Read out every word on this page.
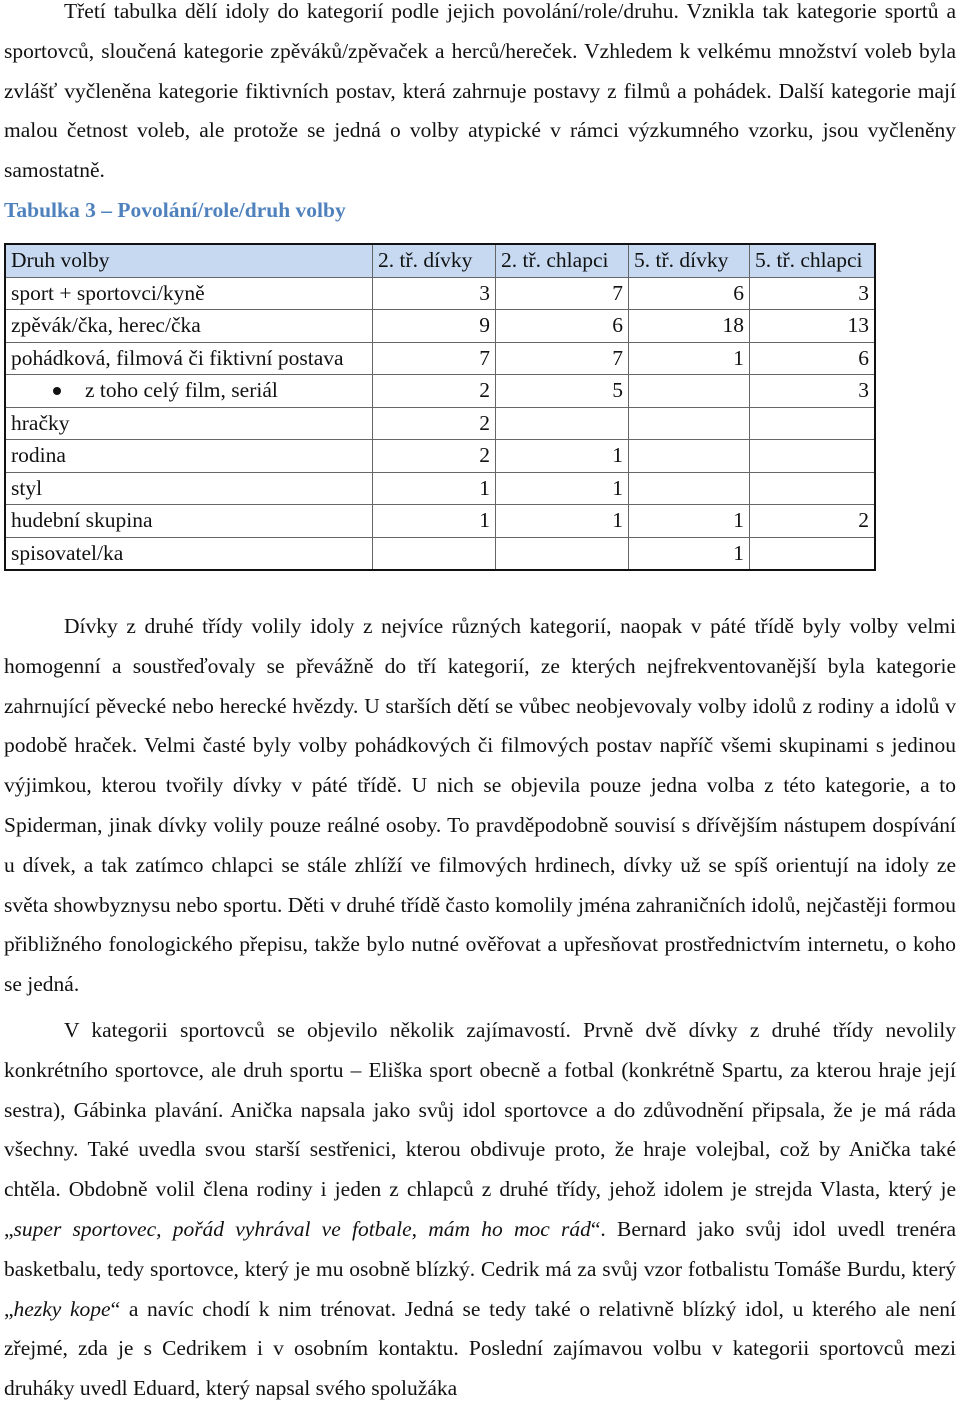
Třetí tabulka dělí idoly do kategorií podle jejich povolání/role/druhu. Vznikla tak kategorie sportů a sportovců, sloučená kategorie zpěváků/zpěvaček a herců/hereček. Vzhledem k velkému množství voleb byla zvlášť vyčleněna kategorie fiktivních postav, která zahrnuje postavy z filmů a pohádek. Další kategorie mají malou četnost voleb, ale protože se jedná o volby atypické v rámci výzkumného vzorku, jsou vyčleněny samostatně.

Tabulka 3 – Povolání/role/druh volby
Druh volby	2. tř. dívky	2. tř. chlapci	5. tř. dívky	5. tř. chlapci
sport + sportovci/kyně	3	7	6	3
zpěvák/čka, herec/čka	9	6	18	13
pohádková, filmová či fiktivní postava	7	7	1	6
z toho celý film, seriál	2	5		3
hračky	2			
rodina	2	1		
styl	1	1		
hudební skupina	1	1	1	2
spisovatel/ka			1	

Dívky z druhé třídy volily idoly z nejvíce různých kategorií, naopak v páté třídě byly volby velmi homogenní a soustřeďovaly se převážně do tří kategorií, ze kterých nejfrekventovanější byla kategorie zahrnující pěvecké nebo herecké hvězdy. U starších dětí se vůbec neobjevovaly volby idolů z rodiny a idolů v podobě hraček. Velmi časté byly volby pohádkových či filmových postav napříč všemi skupinami s jedinou výjimkou, kterou tvořily dívky v páté třídě. U nich se objevila pouze jedna volba z této kategorie, a to Spiderman, jinak dívky volily pouze reálné osoby. To pravděpodobně souvisí s dřívějším nástupem dospívání u dívek, a tak zatímco chlapci se stále zhlíží ve filmových hrdinech, dívky už se spíš orientují na idoly ze světa showbyznysu nebo sportu. Děti v druhé třídě často komolily jména zahraničních idolů, nejčastěji formou přibližného fonologického přepisu, takže bylo nutné ověřovat a upřesňovat prostřednictvím internetu, o koho se jedná.

V kategorii sportovců se objevilo několik zajímavostí. Prvně dvě dívky z druhé třídy nevolily konkrétního sportovce, ale druh sportu – Eliška sport obecně a fotbal (konkrétně Spartu, za kterou hraje její sestra), Gábinka plavání. Anička napsala jako svůj idol sportovce a do zdůvodnění připsala, že je má ráda všechny. Také uvedla svou starší sestřenici, kterou obdivuje proto, že hraje volejbal, což by Anička také chtěla. Obdobně volil člena rodiny i jeden z chlapců z druhé třídy, jehož idolem je strejda Vlasta, který je „super sportovec, pořád vyhrával ve fotbale, mám ho moc rád“. Bernard jako svůj idol uvedl trenéra basketbalu, tedy sportovce, který je mu osobně blízký. Cedrik má za svůj vzor fotbalistu Tomáše Burdu, který „hezky kope“ a navíc chodí k nim trénovat. Jedná se tedy také o relativně blízký idol, u kterého ale není zřejmé, zda je s Cedrikem i v osobním kontaktu. Poslední zajímavou volbu v kategorii sportovců mezi druháky uvedl Eduard, který napsal svého spolužáka
